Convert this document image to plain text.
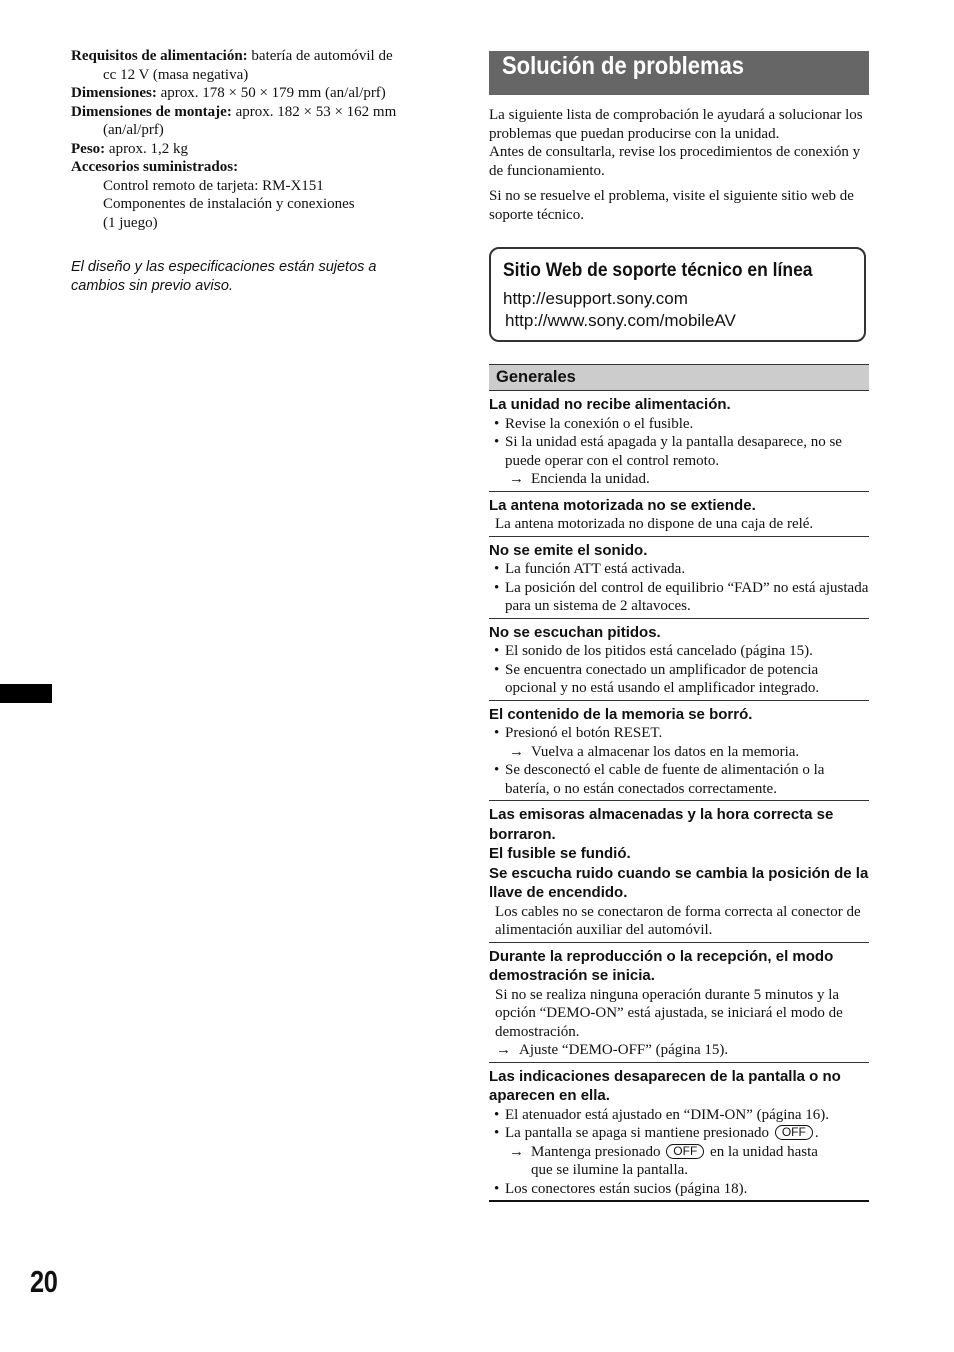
Requisitos de alimentación: batería de automóvil de

cc 12 V (masa negativa)

Dimensiones: aprox. 178 × 50 × 179 mm (an/al/prf)

Dimensiones de montaje: aprox. 182 × 53 × 162 mm

(an/al/prf)

Peso: aprox. 1,2 kg

Accesorios suministrados:

Control remoto de tarjeta: RM-X151

Componentes de instalación y conexiones

(1 juego)

El diseño y las especificaciones están sujetos a
cambios sin previo aviso.
20
Solución de problemas

La siguiente lista de comprobación le ayudará a solucionar los problemas que puedan producirse con la unidad.

Antes de consultarla, revise los procedimientos de conexión y de funcionamiento.

Si no se resuelve el problema, visite el siguiente sitio web de soporte técnico.

Sitio Web de soporte técnico en línea
http://esupport.sony.com
http://www.sony.com/mobileAV
Generales
La unidad no recibe alimentación.

• Revise la conexión o el fusible.

• Si la unidad está apagada y la pantalla desaparece, no se puede operar con el control remoto.

→ Encienda la unidad.

La antena motorizada no se extiende.

La antena motorizada no dispone de una caja de relé.

No se emite el sonido.

• La función ATT está activada.

• La posición del control de equilibrio “FAD” no está ajustada para un sistema de 2 altavoces.

No se escuchan pitidos.

• El sonido de los pitidos está cancelado (página 15).

• Se encuentra conectado un amplificador de potencia opcional y no está usando el amplificador integrado.

El contenido de la memoria se borró.

• Presionó el botón RESET.

→ Vuelva a almacenar los datos en la memoria.

• Se desconectó el cable de fuente de alimentación o la batería, o no están conectados correctamente.

Las emisoras almacenadas y la hora correcta se borraron.
El fusible se fundió.
Se escucha ruido cuando se cambia la posición de la llave de encendido.

Los cables no se conectaron de forma correcta al conector de alimentación auxiliar del automóvil.

Durante la reproducción o la recepción, el modo demostración se inicia.

Si no se realiza ninguna operación durante 5 minutos y la opción “DEMO-ON” está ajustada, se iniciará el modo de demostración.

→ Ajuste “DEMO-OFF” (página 15).

Las indicaciones desaparecen de la pantalla o no aparecen en ella.

• El atenuador está ajustado en “DIM-ON” (página 16).

• La pantalla se apaga si mantiene presionado OFF .

→ Mantenga presionado OFF en la unidad hasta

que se ilumine la pantalla.

• Los conectores están sucios (página 18).
